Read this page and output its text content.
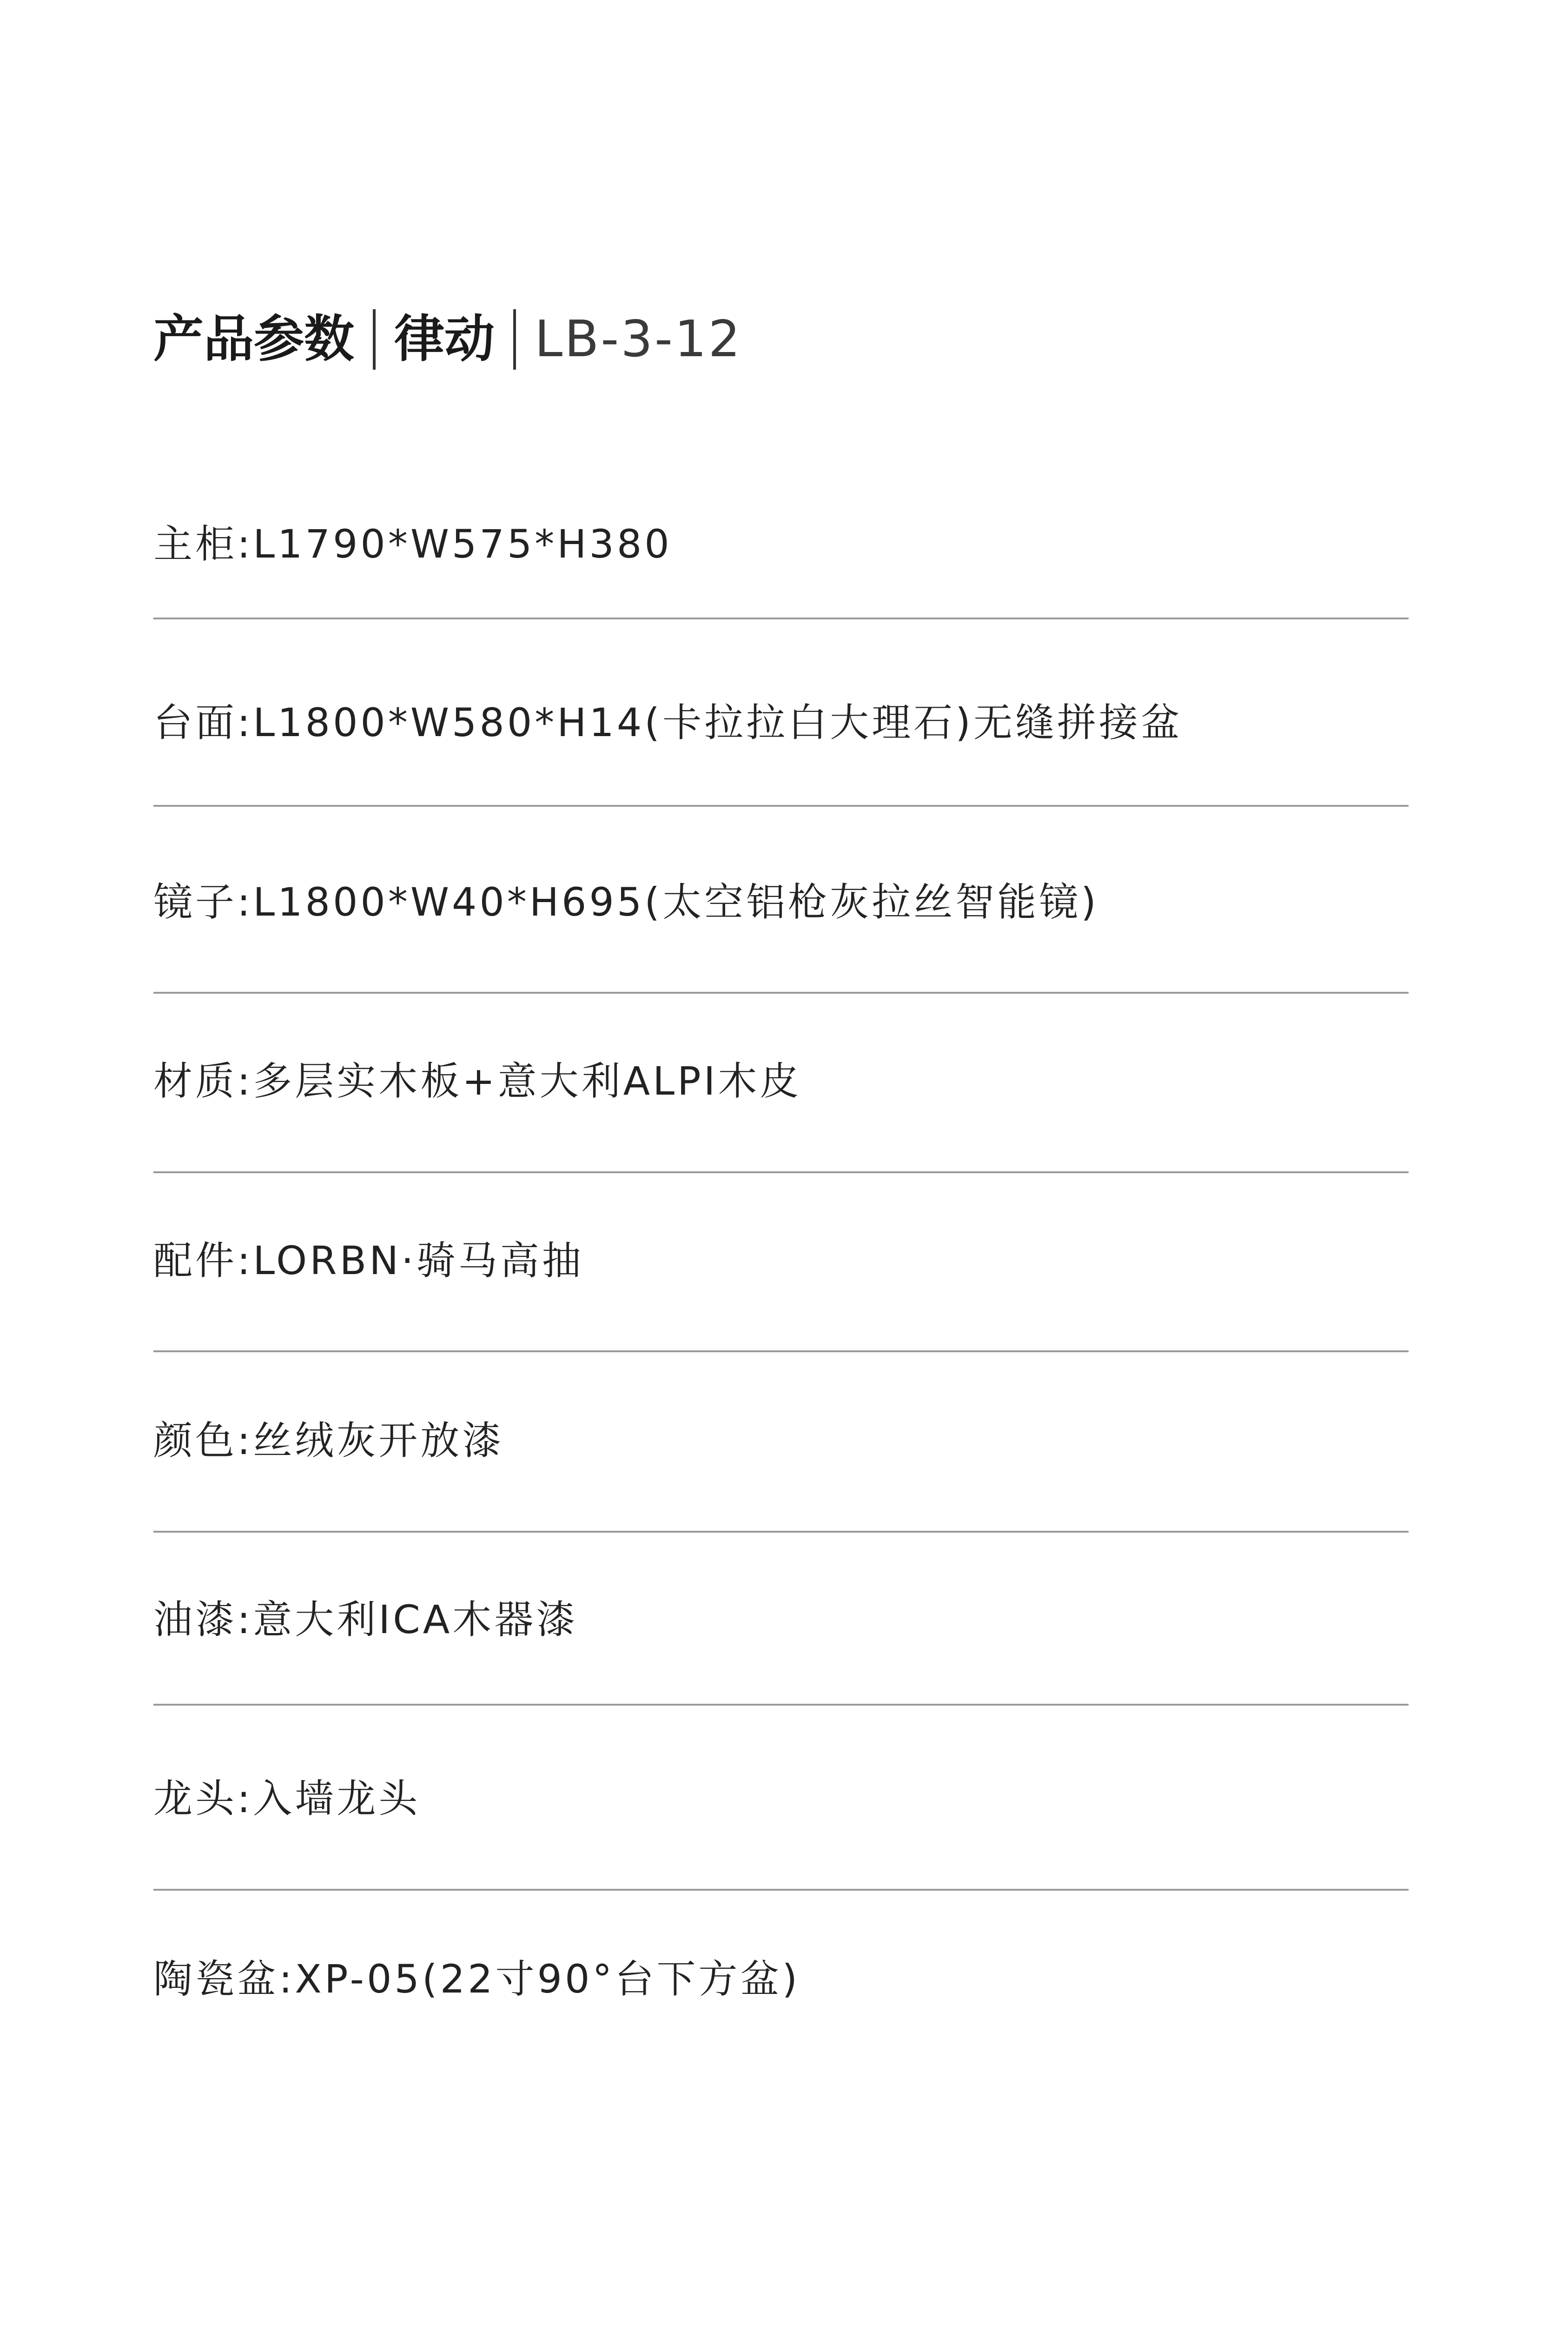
产品参数 律动 LB-3-12
主柜:L1790*W575*H380
台面:L1800*W580*H14(卡拉拉白大理石)无缝拼接盆
镜子:L1800*W40*H695(太空铝枪灰拉丝智能镜)
材质:多层实木板+意大利ALPI木皮
配件:LORBN·骑马高抽
颜色:丝绒灰开放漆
油漆:意大利ICA木器漆
龙头:入墙龙头
陶瓷盆:XP-05(22寸90°台下方盆)
